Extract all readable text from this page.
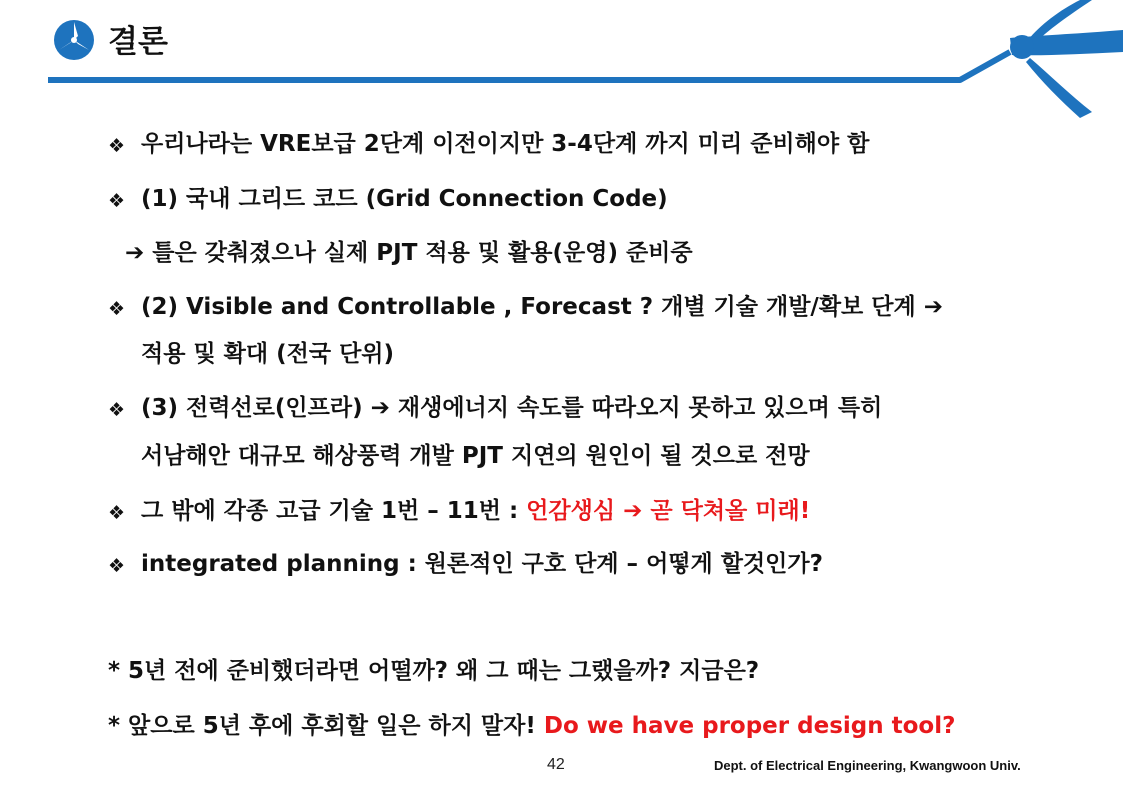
결론
❖ 우리나라는 VRE보급 2단계 이전이지만 3-4단계 까지 미리 준비해야 함
❖ (1) 국내 그리드 코드 (Grid Connection Code)
➔ 틀은 갖춰졌으나 실제 PJT 적용 및 활용(운영) 준비중
❖ (2) Visible and Controllable , Forecast ? 개별 기술 개발/확보 단계 ➔
적용 및 확대 (전국 단위)
❖ (3) 전력선로(인프라) ➔ 재생에너지 속도를 따라오지 못하고 있으며 특히
서남해안 대규모 해상풍력 개발 PJT 지연의 원인이 될 것으로 전망
❖ 그 밖에 각종 고급 기술 1번 – 11번 : 언감생심 ➔ 곧 닥쳐올 미래!
❖ integrated planning : 원론적인 구호 단계 – 어떻게 할것인가?
* 5년 전에 준비했더라면 어떨까? 왜 그 때는 그랬을까? 지금은?
* 앞으로 5년 후에 후회할 일은 하지 말자! Do we have proper design tool?
42	Dept. of Electrical Engineering, Kwangwoon Univ.
